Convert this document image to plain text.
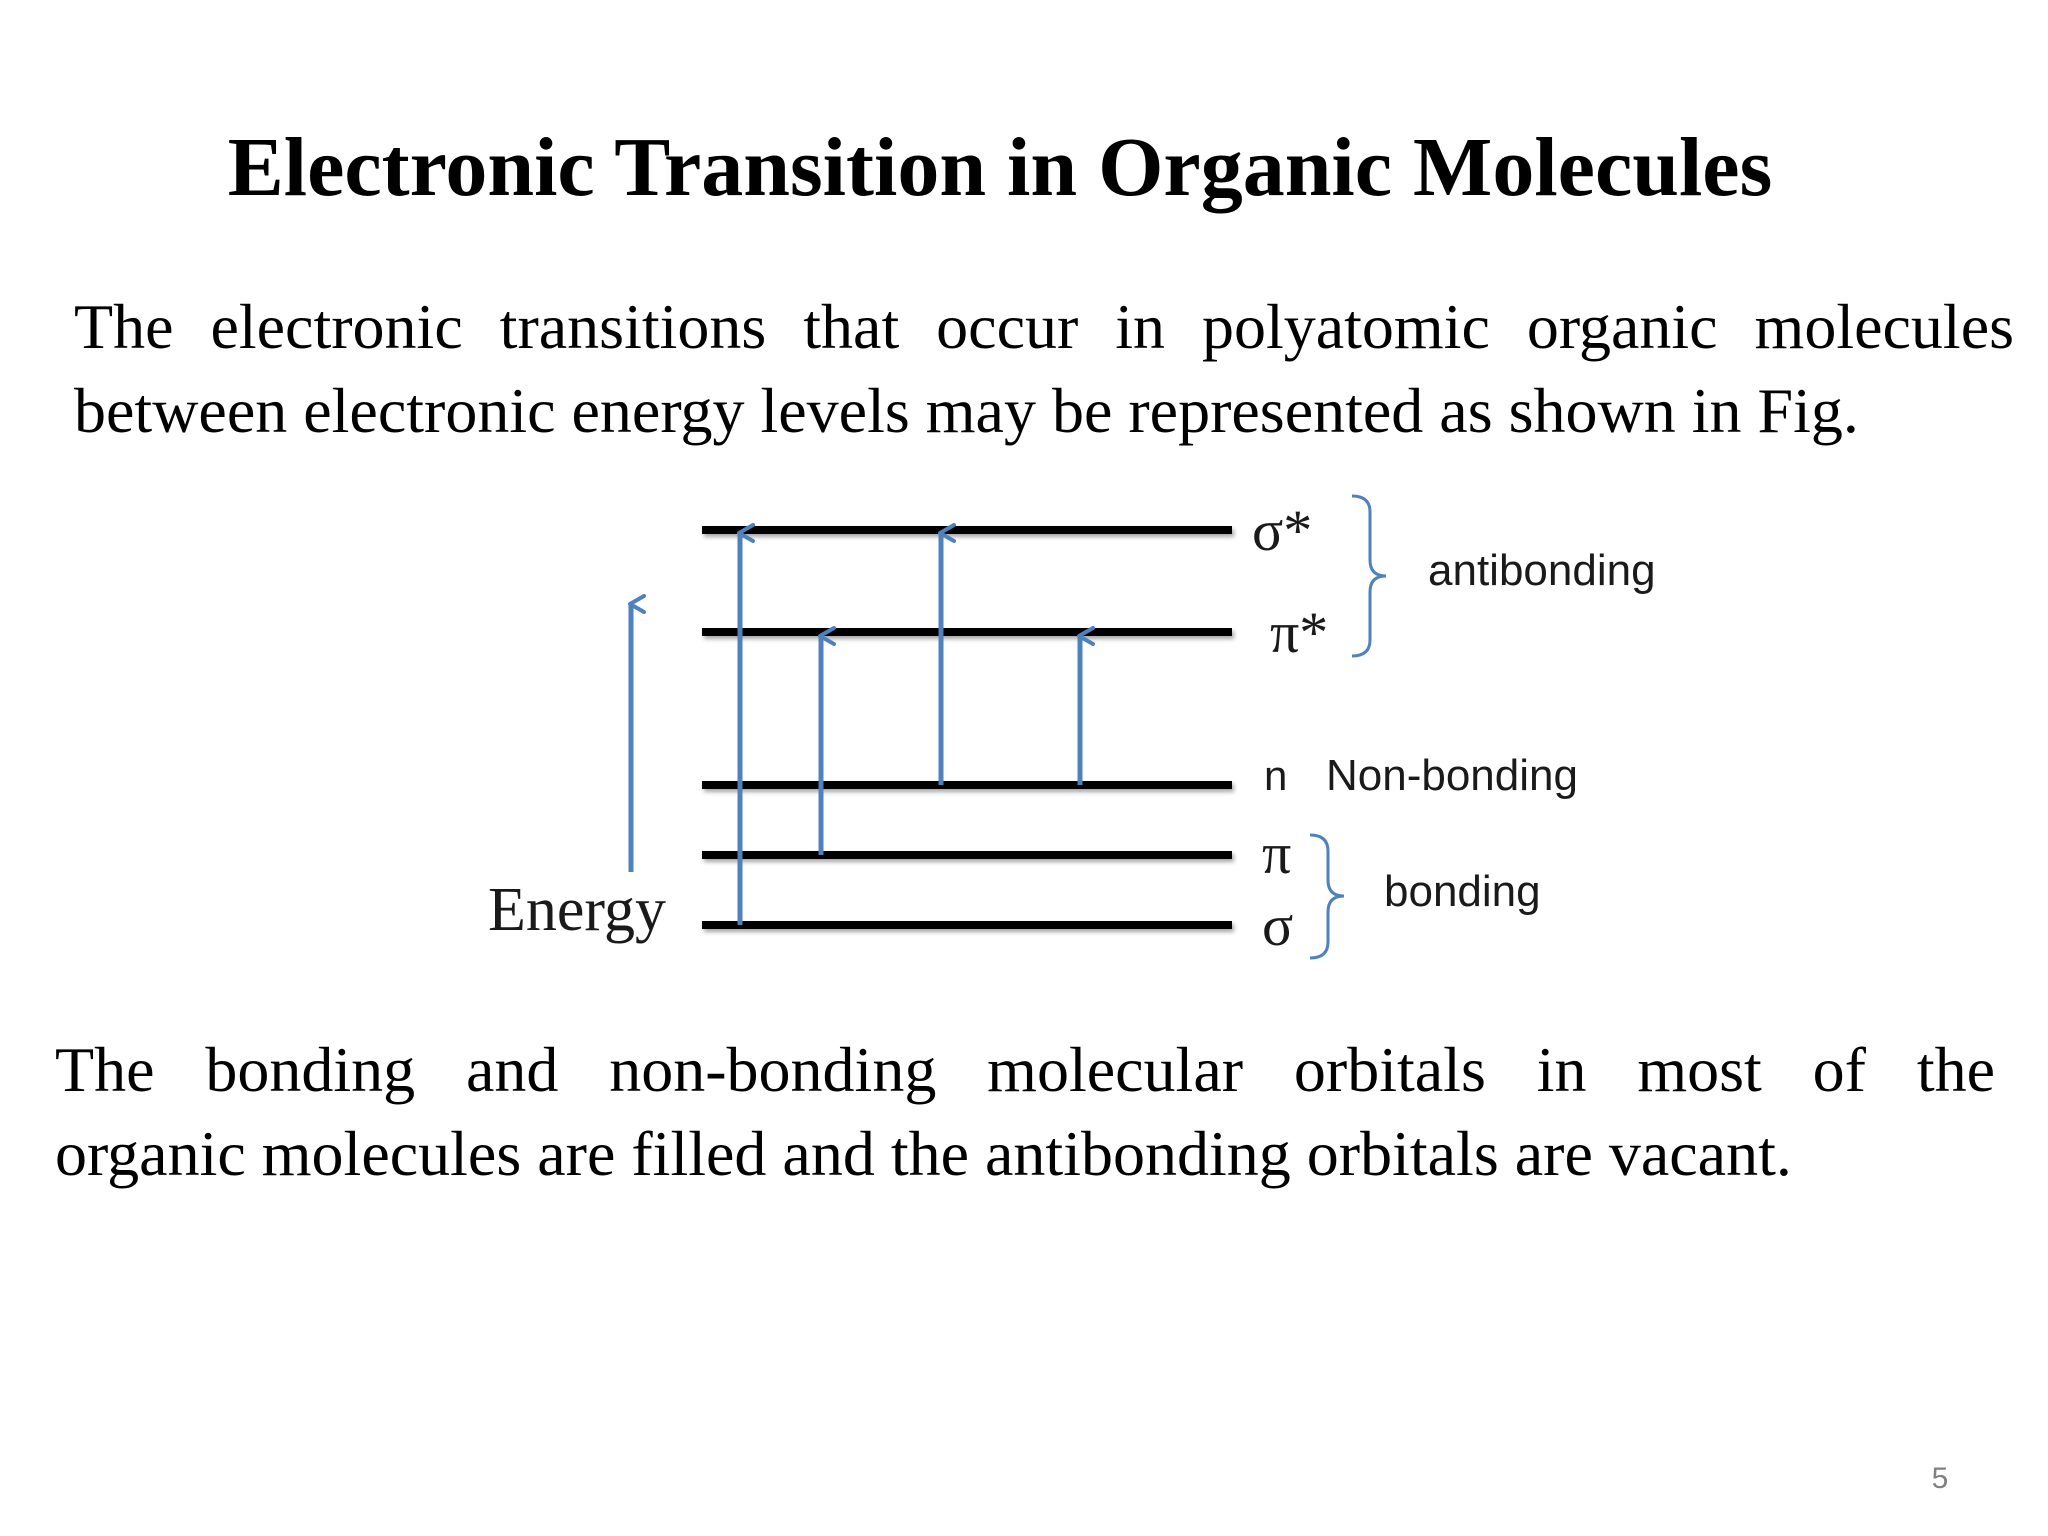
Electronic Transition in Organic Molecules
The electronic transitions that occur in polyatomic organic molecules
between electronic energy levels may be represented as shown in Fig.
Energy
σ*
π*
n
π
σ
antibonding
Non-bonding
bonding
The bonding and non-bonding molecular orbitals in most of the
organic molecules are filled and the antibonding orbitals are vacant.
5
